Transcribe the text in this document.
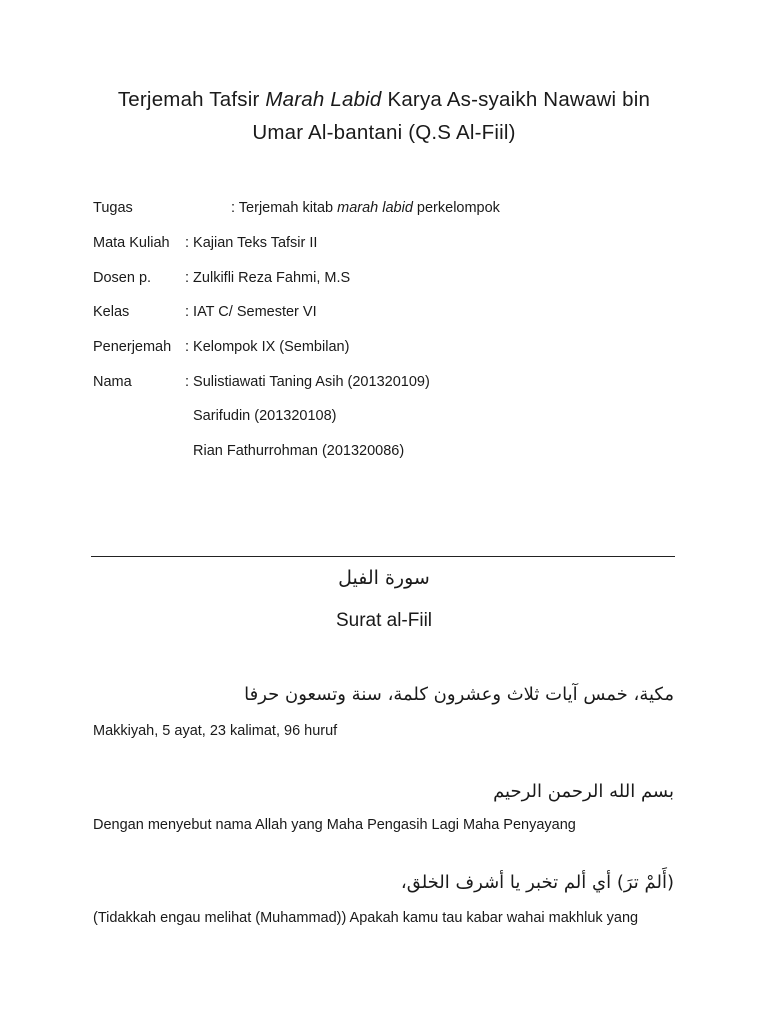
Terjemah Tafsir Marah Labid Karya As-syaikh Nawawi bin
Umar Al-bantani (Q.S Al-Fiil)
Tugas	: Terjemah kitab marah labid perkelompok
Mata Kuliah : Kajian Teks Tafsir II
Dosen p. : Zulkifli Reza Fahmi, M.S
Kelas	: IAT C/ Semester VI
Penerjemah : Kelompok IX (Sembilan)
Nama	: Sulistiawati Taning Asih (201320109)
Sarifudin (201320108)
Rian Fathurrohman (201320086)
سورة الفيل
Surat al-Fiil
مكية، خمس آيات ثلاث وعشرون كلمة، سنة وتسعون حرفا
Makkiyah, 5 ayat, 23 kalimat, 96 huruf
بسم الله الرحمن الرحيم
Dengan menyebut nama Allah yang Maha Pengasih Lagi Maha Penyayang
(أَلمْ ترَ) أي ألم تخبر يا أشرف الخلق،
(Tidakkah engau melihat (Muhammad)) Apakah kamu tau kabar wahai makhluk yang
